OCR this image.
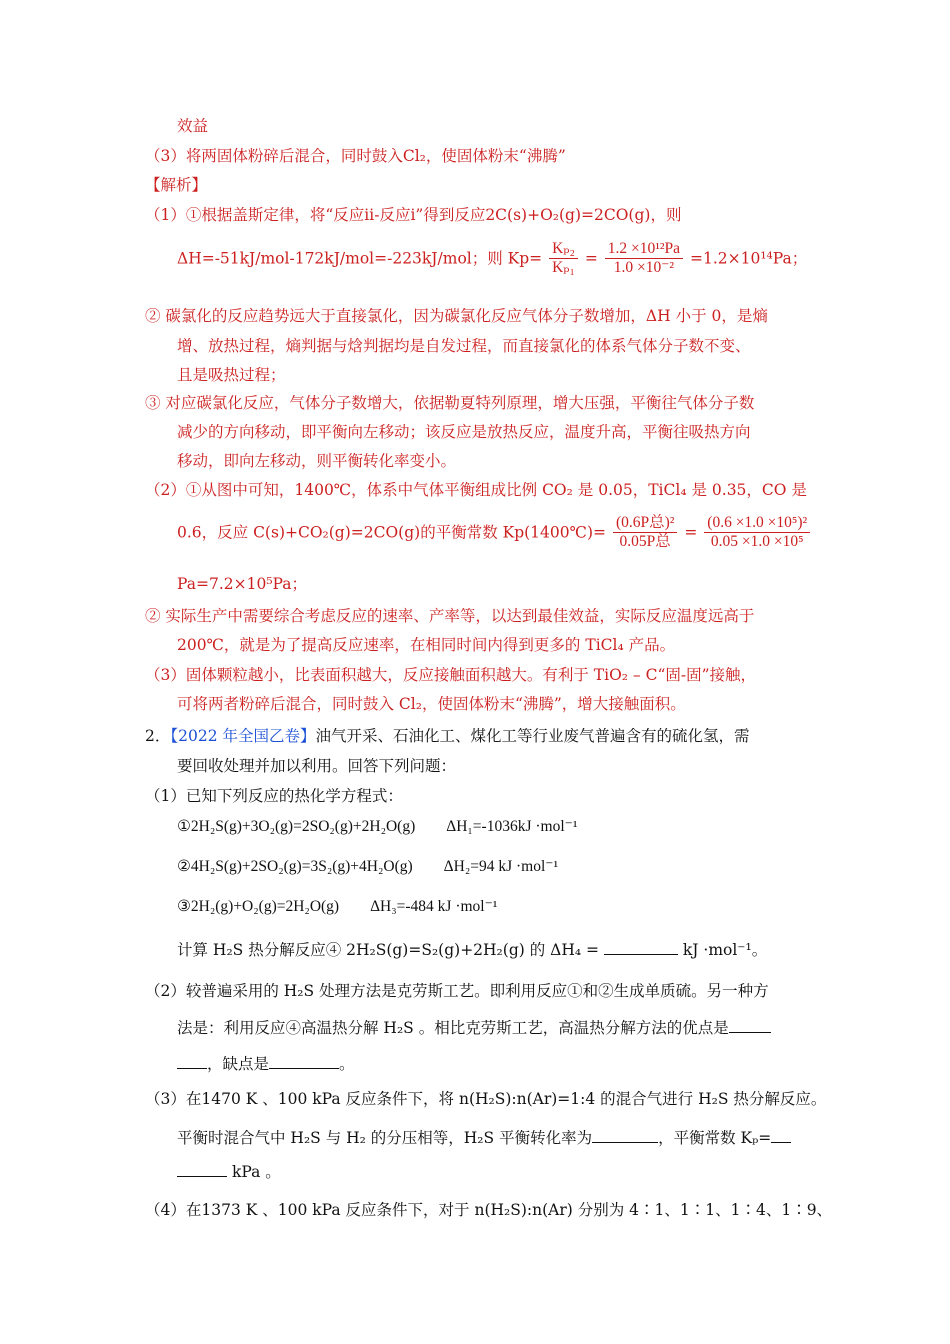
效益
（3）将两固体粉碎后混合，同时鼓入Cl₂，使固体粉末“沸腾”
【解析】
（1）①根据盖斯定律，将“反应ⅱ-反应ⅰ”得到反应2C(s)+O₂(g)=2CO(g)，则
ΔH=-51kJ/mol-172kJ/mol=-223kJ/mol；则 $Kp= \frac{\text{Kₚ₂}}{\text{Kₚ₁}} = \frac{\text{1.2 ×10¹²Pa}}{\text{1.0 ×10⁻²}} =1.2\times 10^{14}Pa$；
② 碳氯化的反应趋势远大于直接氯化，因为碳氯化反应气体分子数增加，ΔH 小于 0，是熵
增、放热过程，熵判据与焓判据均是自发过程，而直接氯化的体系气体分子数不变、
且是吸热过程；
③ 对应碳氯化反应，气体分子数增大，依据勒夏特列原理，增大压强，平衡往气体分子数
减少的方向移动，即平衡向左移动；该反应是放热反应，温度升高，平衡往吸热方向
移动，即向左移动，则平衡转化率变小。
（2）①从图中可知，1400℃，体系中气体平衡组成比例 CO₂ 是 0.05，TiCl₄ 是 0.35，CO 是
0.6，反应 C(s)+CO₂(g)=2CO(g)的平衡常数 Kp(1400℃)=
(0.6P总)²
0.05P总 = $\frac{\text{(0.6 ×1.0 ×10⁵)²}}{\text{0.05 ×1.0 ×10⁵}}$
Pa=7.2×10⁵Pa；
② 实际生产中需要综合考虑反应的速率、产率等，以达到最佳效益，实际反应温度远高于
200℃，就是为了提高反应速率，在相同时间内得到更多的 TiCl₄ 产品。
（3）固体颗粒越小，比表面积越大，反应接触面积越大。有利于 TiO₂ – C“固-固”接触，
可将两者粉碎后混合，同时鼓入 Cl₂，使固体粉末“沸腾”，增大接触面积。
2．【2022 年全国乙卷】油气开采、石油化工、煤化工等行业废气普遍含有的硫化氢，需
要回收处理并加以利用。回答下列问题：
（1）已知下列反应的热化学方程式：
①2H₂S(g)+3O₂(g)=2SO₂(g)+2H₂O(g)　　ΔH₁=-1036kJ ·mol⁻¹
②4H₂S(g)+2SO₂(g)=3S₂(g)+4H₂O(g)　　ΔH₂=94 kJ ·mol⁻¹
③2H₂(g)+O₂(g)=2H₂O(g)　　ΔH₃=-484 kJ ·mol⁻¹
计算 H₂S 热分解反应④ 2H₂S(g)=S₂(g)+2H₂(g) 的 ΔH₄ =	kJ ·mol⁻¹。
（2）较普遍采用的 H₂S 处理方法是克劳斯工艺。即利用反应①和②生成单质硫。另一种方
法是：利用反应④高温热分解 H₂S 。相比克劳斯工艺，高温热分解方法的优点是
，缺点是	。
（3）在1470 K 、100 kPa 反应条件下，将 n(H₂S):n(Ar)=1:4 的混合气进行 H₂S 热分解反应。
平衡时混合气中 H₂S 与 H₂ 的分压相等，H₂S 平衡转化率为	，平衡常数 Kₚ=
kPa 。
（4）在1373 K 、100 kPa 反应条件下，对于 n(H₂S):n(Ar) 分别为 4∶1、1∶1、1∶4、1∶9、
